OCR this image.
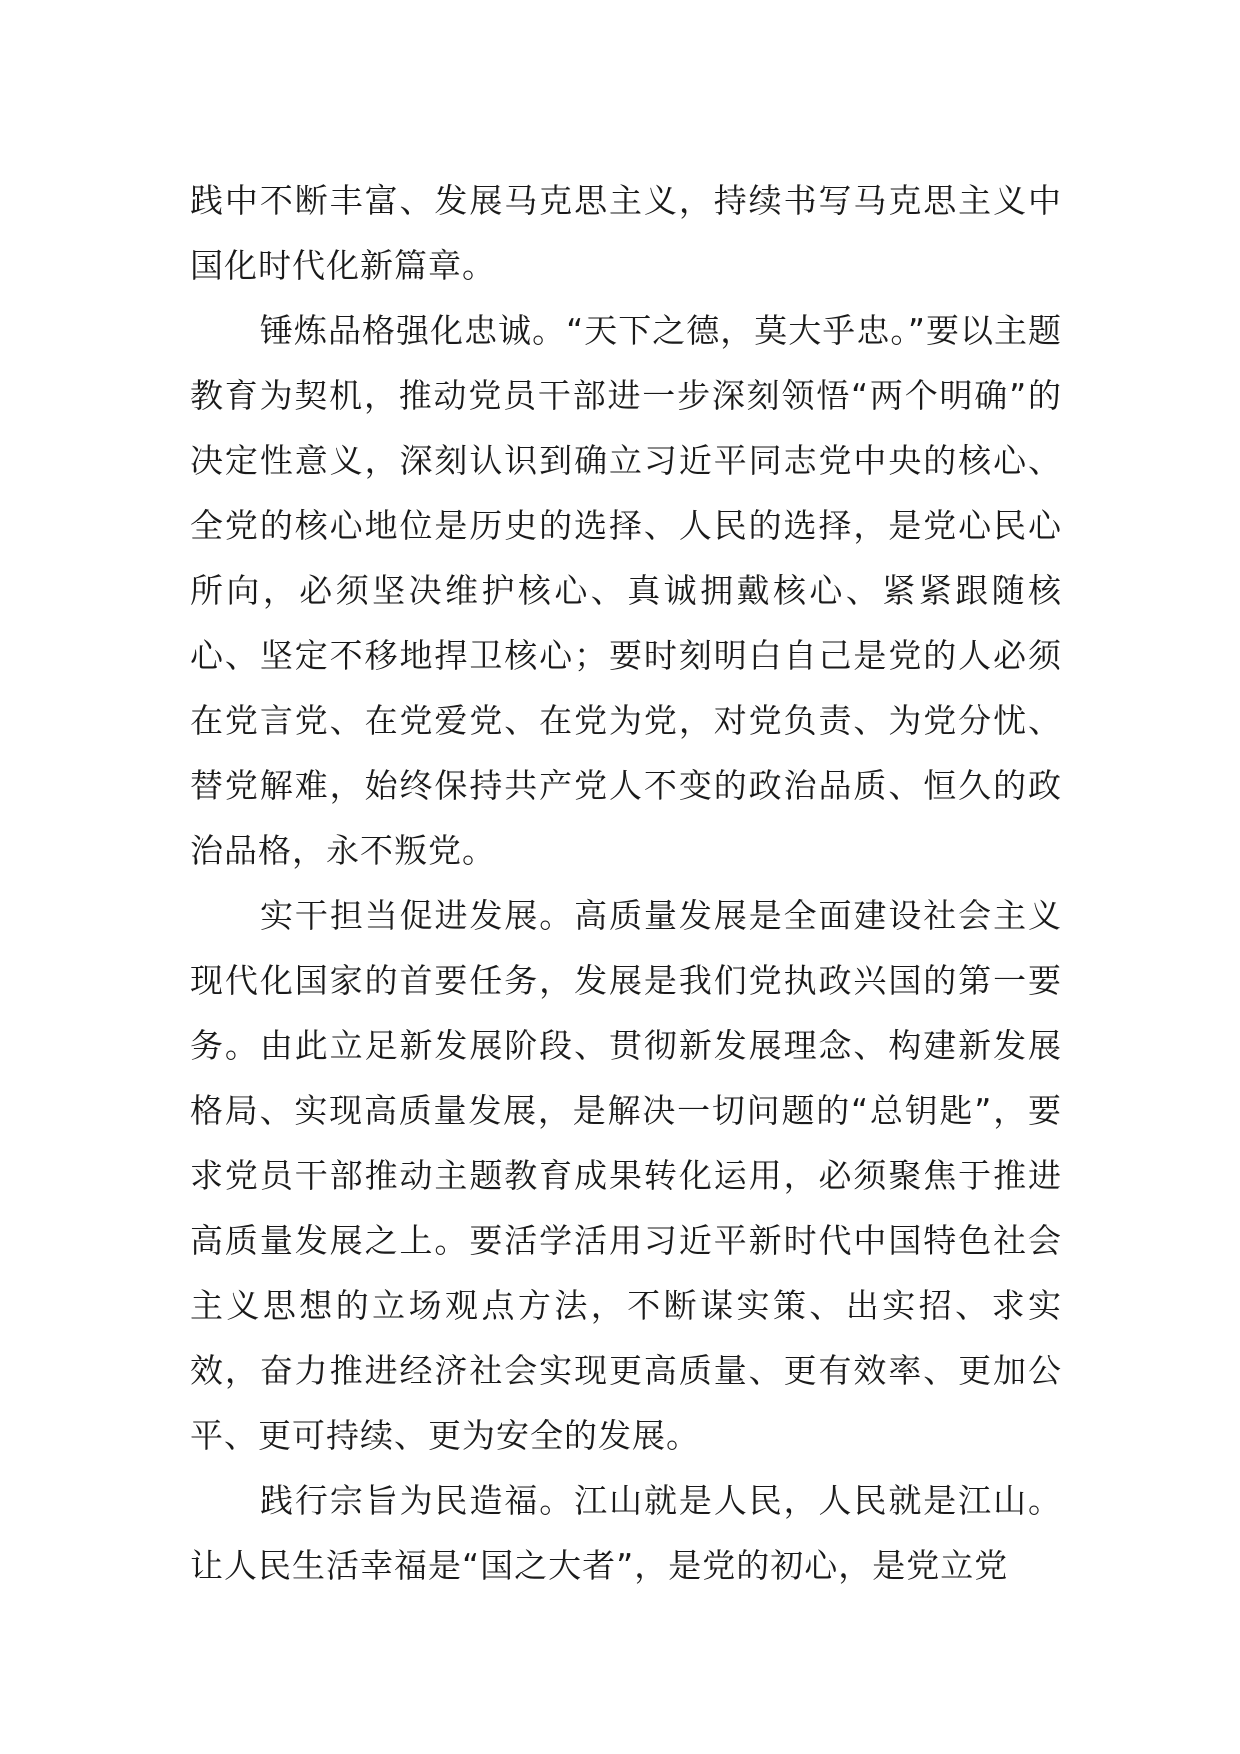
践中不断丰富、发展马克思主义，持续书写马克思主义中国化时代化新篇章。

锤炼品格强化忠诚。“天下之德，莫大乎忠。”要以主题教育为契机，推动党员干部进一步深刻领悟“两个明确”的决定性意义，深刻认识到确立习近平同志党中央的核心、全党的核心地位是历史的选择、人民的选择，是党心民心所向，必须坚决维护核心、真诚拥戴核心、紧紧跟随核心、坚定不移地捍卫核心；要时刻明白自己是党的人必须在党言党、在党爱党、在党为党，对党负责、为党分忧、替党解难，始终保持共产党人不变的政治品质、恒久的政治品格，永不叛党。

实干担当促进发展。高质量发展是全面建设社会主义现代化国家的首要任务，发展是我们党执政兴国的第一要务。由此立足新发展阶段、贯彻新发展理念、构建新发展格局、实现高质量发展，是解决一切问题的“总钥匙”，要求党员干部推动主题教育成果转化运用，必须聚焦于推进高质量发展之上。要活学活用习近平新时代中国特色社会主义思想的立场观点方法，不断谋实策、出实招、求实效，奋力推进经济社会实现更高质量、更有效率、更加公平、更可持续、更为安全的发展。

践行宗旨为民造福。江山就是人民，人民就是江山。让人民生活幸福是“国之大者”，是党的初心，是党立党
